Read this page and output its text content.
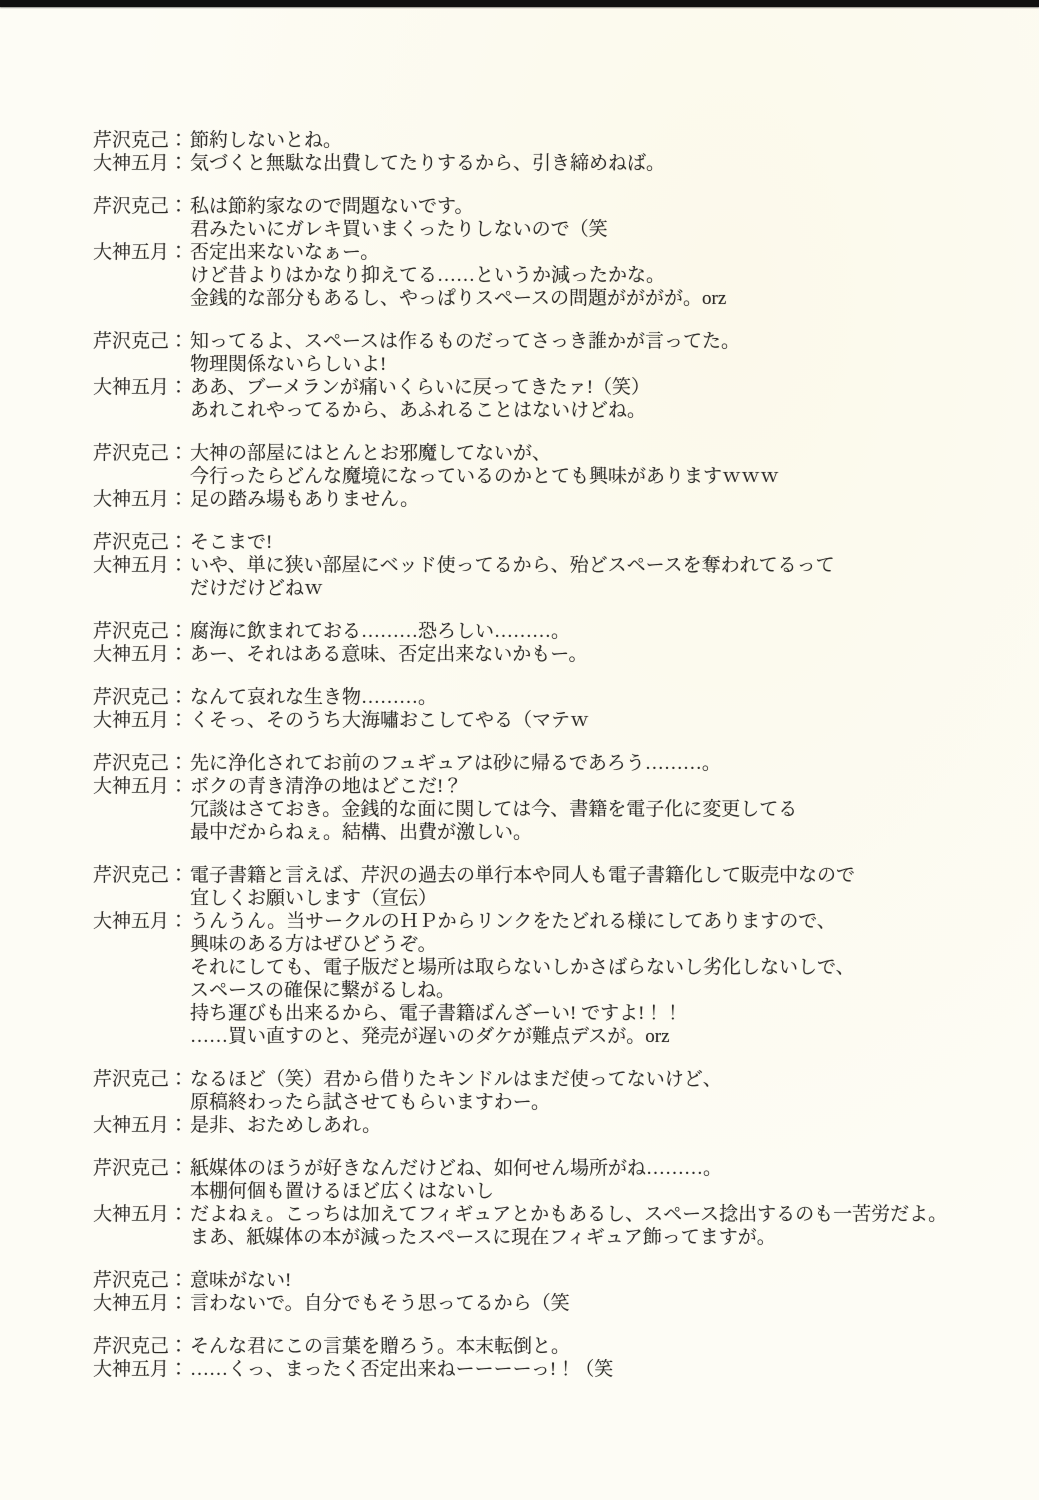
芹沢克己： 節約しないとね。
大神五月： 気づくと無駄な出費してたりするから、引き締めねば。
芹沢克己： 私は節約家なので問題ないです。
君みたいにガレキ買いまくったりしないので（笑
大神五月： 否定出来ないなぁー。
けど昔よりはかなり抑えてる……というか減ったかな。
金銭的な部分もあるし、やっぱりスペースの問題がががが。orz
芹沢克己： 知ってるよ、スペースは作るものだってさっき誰かが言ってた。
物理関係ないらしいよ!
大神五月： ああ、ブーメランが痛いくらいに戻ってきたァ!（笑）
あれこれやってるから、あふれることはないけどね。
芹沢克己： 大神の部屋にはとんとお邪魔してないが、
今行ったらどんな魔境になっているのかとても興味がありますｗｗｗ
大神五月： 足の踏み場もありません。
芹沢克己： そこまで!
大神五月： いや、単に狭い部屋にベッド使ってるから、殆どスペースを奪われてるって
だけだけどねｗ
芹沢克己： 腐海に飲まれておる………恐ろしい………。
大神五月： あー、それはある意味、否定出来ないかもー。
芹沢克己： なんて哀れな生き物………。
大神五月： くそっ、そのうち大海嘯おこしてやる（マテｗ
芹沢克己： 先に浄化されてお前のフュギュアは砂に帰るであろう………。
大神五月： ボクの青き清浄の地はどこだ!？
冗談はさておき。金銭的な面に関しては今、書籍を電子化に変更してる
最中だからねぇ。結構、出費が激しい。
芹沢克己： 電子書籍と言えば、芹沢の過去の単行本や同人も電子書籍化して販売中なので
宜しくお願いします（宣伝）
大神五月： うんうん。当サークルのＨＰからリンクをたどれる様にしてありますので、
興味のある方はぜひどうぞ。
それにしても、電子版だと場所は取らないしかさばらないし劣化しないしで、
スペースの確保に繋がるしね。
持ち運びも出来るから、電子書籍ばんざーい! ですよ!！！
……買い直すのと、発売が遅いのダケが難点デスが。orz
芹沢克己： なるほど（笑）君から借りたキンドルはまだ使ってないけど、
原稿終わったら試させてもらいますわー。
大神五月： 是非、おためしあれ。
芹沢克己： 紙媒体のほうが好きなんだけどね、如何せん場所がね………。
本棚何個も置けるほど広くはないし
大神五月： だよねぇ。こっちは加えてフィギュアとかもあるし、スペース捻出するのも一苦労だよ。
まあ、紙媒体の本が減ったスペースに現在フィギュア飾ってますが。
芹沢克己： 意味がない!
大神五月： 言わないで。自分でもそう思ってるから（笑
芹沢克己： そんな君にこの言葉を贈ろう。本末転倒と。
大神五月： ……くっ、まったく否定出来ねーーーーっ!！（笑
